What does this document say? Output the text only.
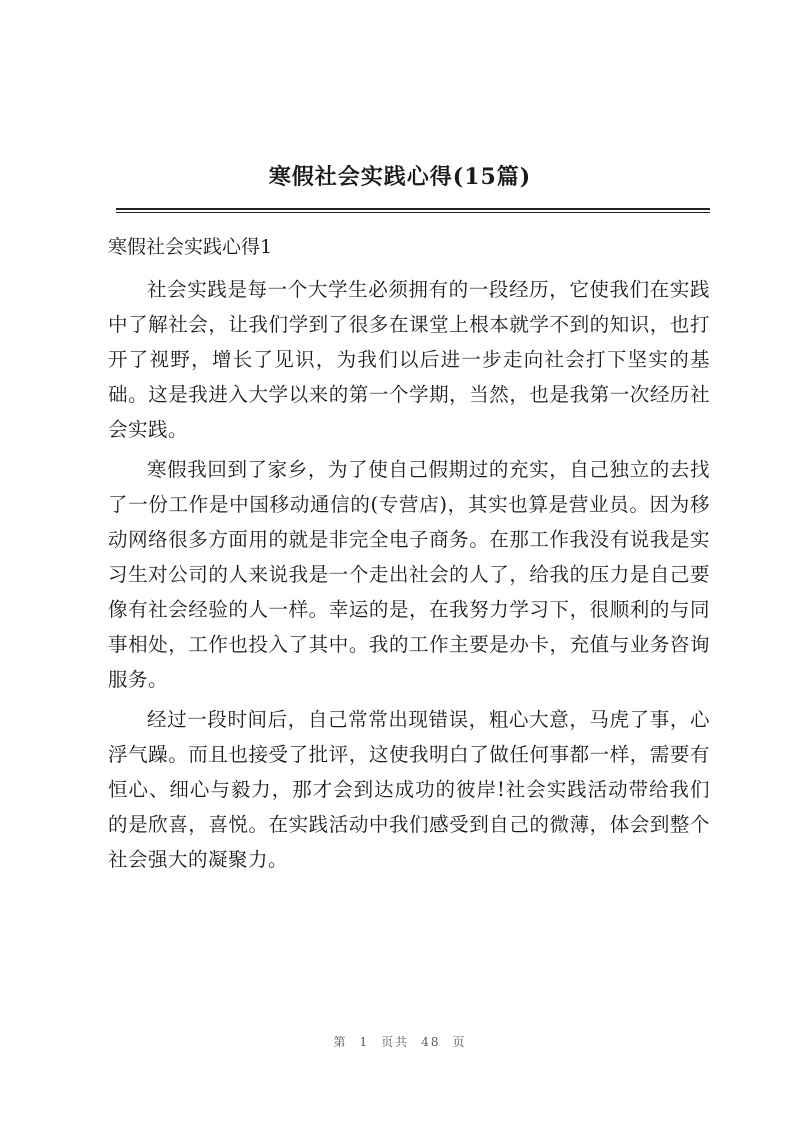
寒假社会实践心得(15篇)
寒假社会实践心得1

社会实践是每一个大学生必须拥有的一段经历，它使我们在实践中了解社会，让我们学到了很多在课堂上根本就学不到的知识，也打开了视野，增长了见识，为我们以后进一步走向社会打下坚实的基础。这是我进入大学以来的第一个学期，当然，也是我第一次经历社会实践。

寒假我回到了家乡，为了使自己假期过的充实，自己独立的去找了一份工作是中国移动通信的(专营店)，其实也算是营业员。因为移动网络很多方面用的就是非完全电子商务。在那工作我没有说我是实习生对公司的人来说我是一个走出社会的人了，给我的压力是自己要像有社会经验的人一样。幸运的是，在我努力学习下，很顺利的与同事相处，工作也投入了其中。我的工作主要是办卡，充值与业务咨询服务。

经过一段时间后，自己常常出现错误，粗心大意，马虎了事，心浮气躁。而且也接受了批评，这使我明白了做任何事都一样，需要有恒心、细心与毅力，那才会到达成功的彼岸!社会实践活动带给我们的是欣喜，喜悦。在实践活动中我们感受到自己的微薄，体会到整个社会强大的凝聚力。

第 1 页共 48 页
